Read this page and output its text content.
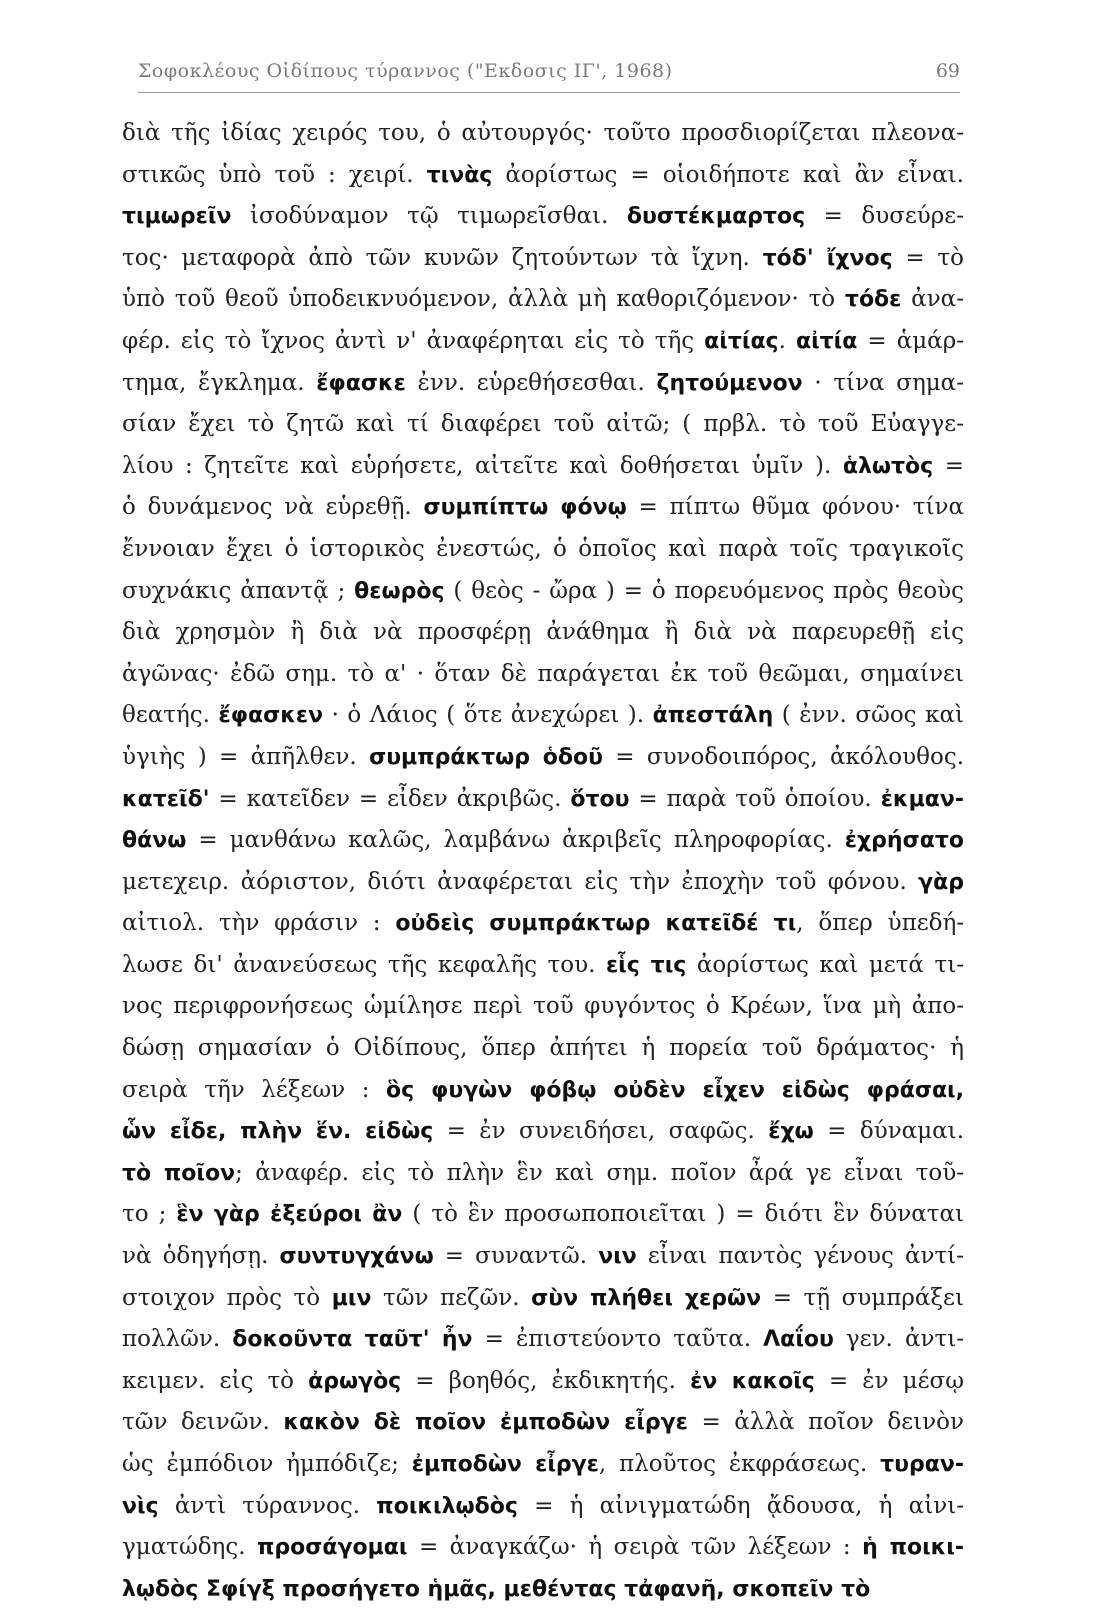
Σοφοκλέους Οἰδίπους τύραννος ("Εκδοσις ΙΓ', 1968)	69
διὰ τῆς ἰδίας χειρός του, ὁ αὐτουργός· τοῦτο προσδιορίζεται πλεονα-
στικῶς ὑπὸ τοῦ : χειρί. τινὰς ἀορίστως = οἱοιδήποτε καὶ ἂν εἶναι.
τιμωρεῖν ἰσοδύναμον τῷ τιμωρεῖσθαι. δυστέκμαρτος = δυσεύρε-
τος· μεταφορὰ ἀπὸ τῶν κυνῶν ζητούντων τὰ ἴχνη. τόδ' ἴχνος = τὸ
ὑπὸ τοῦ θεοῦ ὑποδεικνυόμενον, ἀλλὰ μὴ καθοριζόμενον· τὸ τόδε ἀνα-
φέρ. εἰς τὸ ἴχνος ἀντὶ ν' ἀναφέρηται εἰς τὸ τῆς αἰτίας. αἰτία = ἁμάρ-
τημα, ἔγκλημα. ἔφασκε ἐνν. εὑρεθήσεσθαι. ζητούμενον · τίνα σημα-
σίαν ἔχει τὸ ζητῶ καὶ τί διαφέρει τοῦ αἰτῶ; ( πρβλ. τὸ τοῦ Εὐαγγε-
λίου : ζητεῖτε καὶ εὑρήσετε, αἰτεῖτε καὶ δοθήσεται ὑμῖν ). ἁλωτὸς =
ὁ δυνάμενος νὰ εὑρεθῇ. συμπίπτω φόνῳ = πίπτω θῦμα φόνου· τίνα
ἔννοιαν ἔχει ὁ ἱστορικὸς ἐνεστώς, ὁ ὁποῖος καὶ παρὰ τοῖς τραγικοῖς
συχνάκις ἀπαντᾷ ; θεωρὸς ( θεὸς - ὤρα ) = ὁ πορευόμενος πρὸς θεοὺς
διὰ χρησμὸν ἢ διὰ νὰ προσφέρῃ ἀνάθημα ἢ διὰ νὰ παρευρεθῇ εἰς
ἀγῶνας· ἐδῶ σημ. τὸ α' · ὅταν δὲ παράγεται ἐκ τοῦ θεῶμαι, σημαίνει
θεατής. ἔφασκεν · ὁ Λάιος ( ὅτε ἀνεχώρει ). ἀπεστάλη ( ἐνν. σῶος καὶ
ὑγιὴς ) = ἀπῆλθεν. συμπράκτωρ ὁδοῦ = συνοδοιπόρος, ἀκόλουθος.
κατεῖδ' = κατεῖδεν = εἶδεν ἀκριβῶς. ὅτου = παρὰ τοῦ ὁποίου. ἐκμαν-
θάνω = μανθάνω καλῶς, λαμβάνω ἀκριβεῖς πληροφορίας. ἐχρήσατο
μετεχειρ. ἀόριστον, διότι ἀναφέρεται εἰς τὴν ἐποχὴν τοῦ φόνου. γὰρ
αἰτιολ. τὴν φράσιν : οὐδεὶς συμπράκτωρ κατεῖδέ τι, ὅπερ ὑπεδή-
λωσε δι' ἀνανεύσεως τῆς κεφαλῆς του. εἷς τις ἀορίστως καὶ μετά τι-
νος περιφρονήσεως ὡμίλησε περὶ τοῦ φυγόντος ὁ Κρέων, ἵνα μὴ ἀπο-
δώσῃ σημασίαν ὁ Οἰδίπους, ὅπερ ἀπήτει ἡ πορεία τοῦ δράματος· ἡ
σειρὰ τῆν λέξεων : ὃς φυγὼν φόβῳ οὐδὲν εἶχεν εἰδὼς φράσαι,
ὧν εἶδε, πλὴν ἕν. εἰδὼς = ἐν συνειδήσει, σαφῶς. ἔχω = δύναμαι.
τὸ ποῖον; ἀναφέρ. εἰς τὸ πλὴν ἓν καὶ σημ. ποῖον ἆρά γε εἶναι τοῦ-
το ; ἓν γὰρ ἐξεύροι ἂν ( τὸ ἓν προσωποποιεῖται ) = διότι ἓν δύναται
νὰ ὁδηγήσῃ. συντυγχάνω = συναντῶ. νιν εἶναι παντὸς γένους ἀντί-
στοιχον πρὸς τὸ μιν τῶν πεζῶν. σὺν πλήθει χερῶν = τῇ συμπράξει
πολλῶν. δοκοῦντα ταῦτ' ἦν = ἐπιστεύοντο ταῦτα. Λαΐου γεν. ἀντι-
κειμεν. εἰς τὸ ἀρωγὸς = βοηθός, ἐκδικητής. ἐν κακοῖς = ἐν μέσῳ
τῶν δεινῶν. κακὸν δὲ ποῖον ἐμποδὼν εἶργε = ἀλλὰ ποῖον δεινὸν
ὡς ἐμπόδιον ἠμπόδιζε; ἐμποδὼν εἶργε, πλοῦτος ἐκφράσεως. τυραν-
νὶς ἀντὶ τύραννος. ποικιλῳδὸς = ἡ αἰνιγματώδη ᾄδουσα, ἡ αἰνι-
γματώδης. προσάγομαι = ἀναγκάζω· ἡ σειρὰ τῶν λέξεων : ἡ ποικι-
λῳδὸς Σφίγξ προσήγετο ἡμᾶς, μεθέντας τἀφανῆ, σκοπεῖν τὸ
